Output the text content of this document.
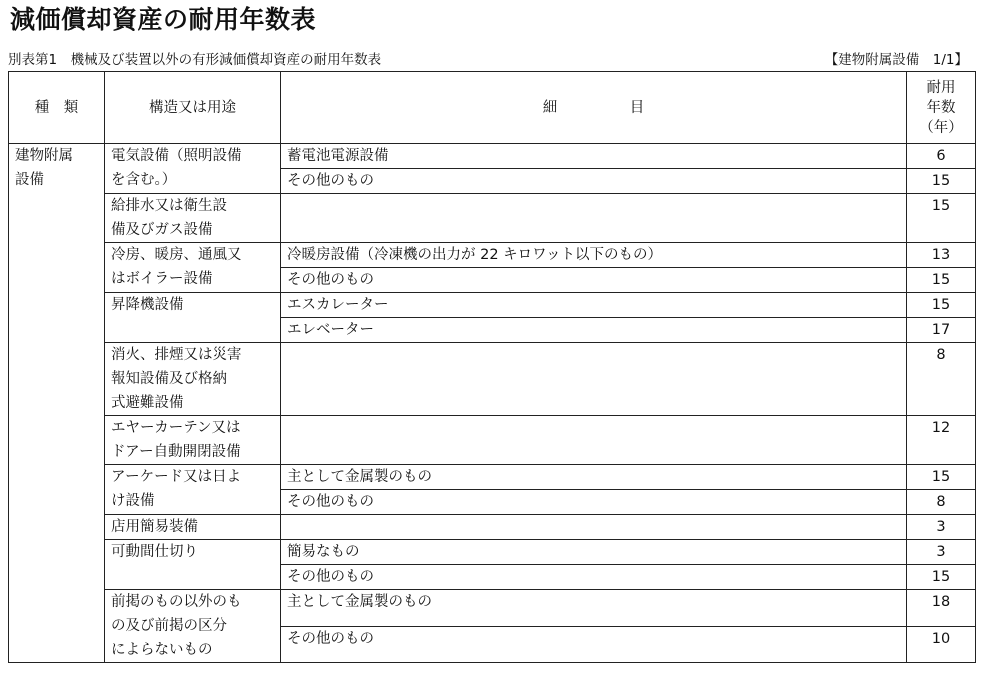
減価償却資産の耐用年数表
別表第1　機械及び装置以外の有形減価償却資産の耐用年数表	【建物附属設備　1/1】
種　類	構造又は用途	細　　　　　目	耐用
年数
（年）
建物附属
設備	電気設備（照明設備
を含む。）	蓄電池電源設備	6
		その他のもの	15
	給排水又は衛生設
備及びガス設備		15
	冷房、暖房、通風又
はボイラー設備	冷暖房設備（冷凍機の出力が 22 キロワット以下のもの）	13
		その他のもの	15
	昇降機設備	エスカレーター	15
		エレベーター	17
	消火、排煙又は災害
報知設備及び格納
式避難設備		8
	エヤーカーテン又は
ドアー自動開閉設備		12
	アーケード又は日よ
け設備	主として金属製のもの	15
		その他のもの	8
	店用簡易装備		3
	可動間仕切り	簡易なもの	3
		その他のもの	15
	前掲のもの以外のも
の及び前掲の区分
によらないもの	主として金属製のもの	18
		その他のもの	10
